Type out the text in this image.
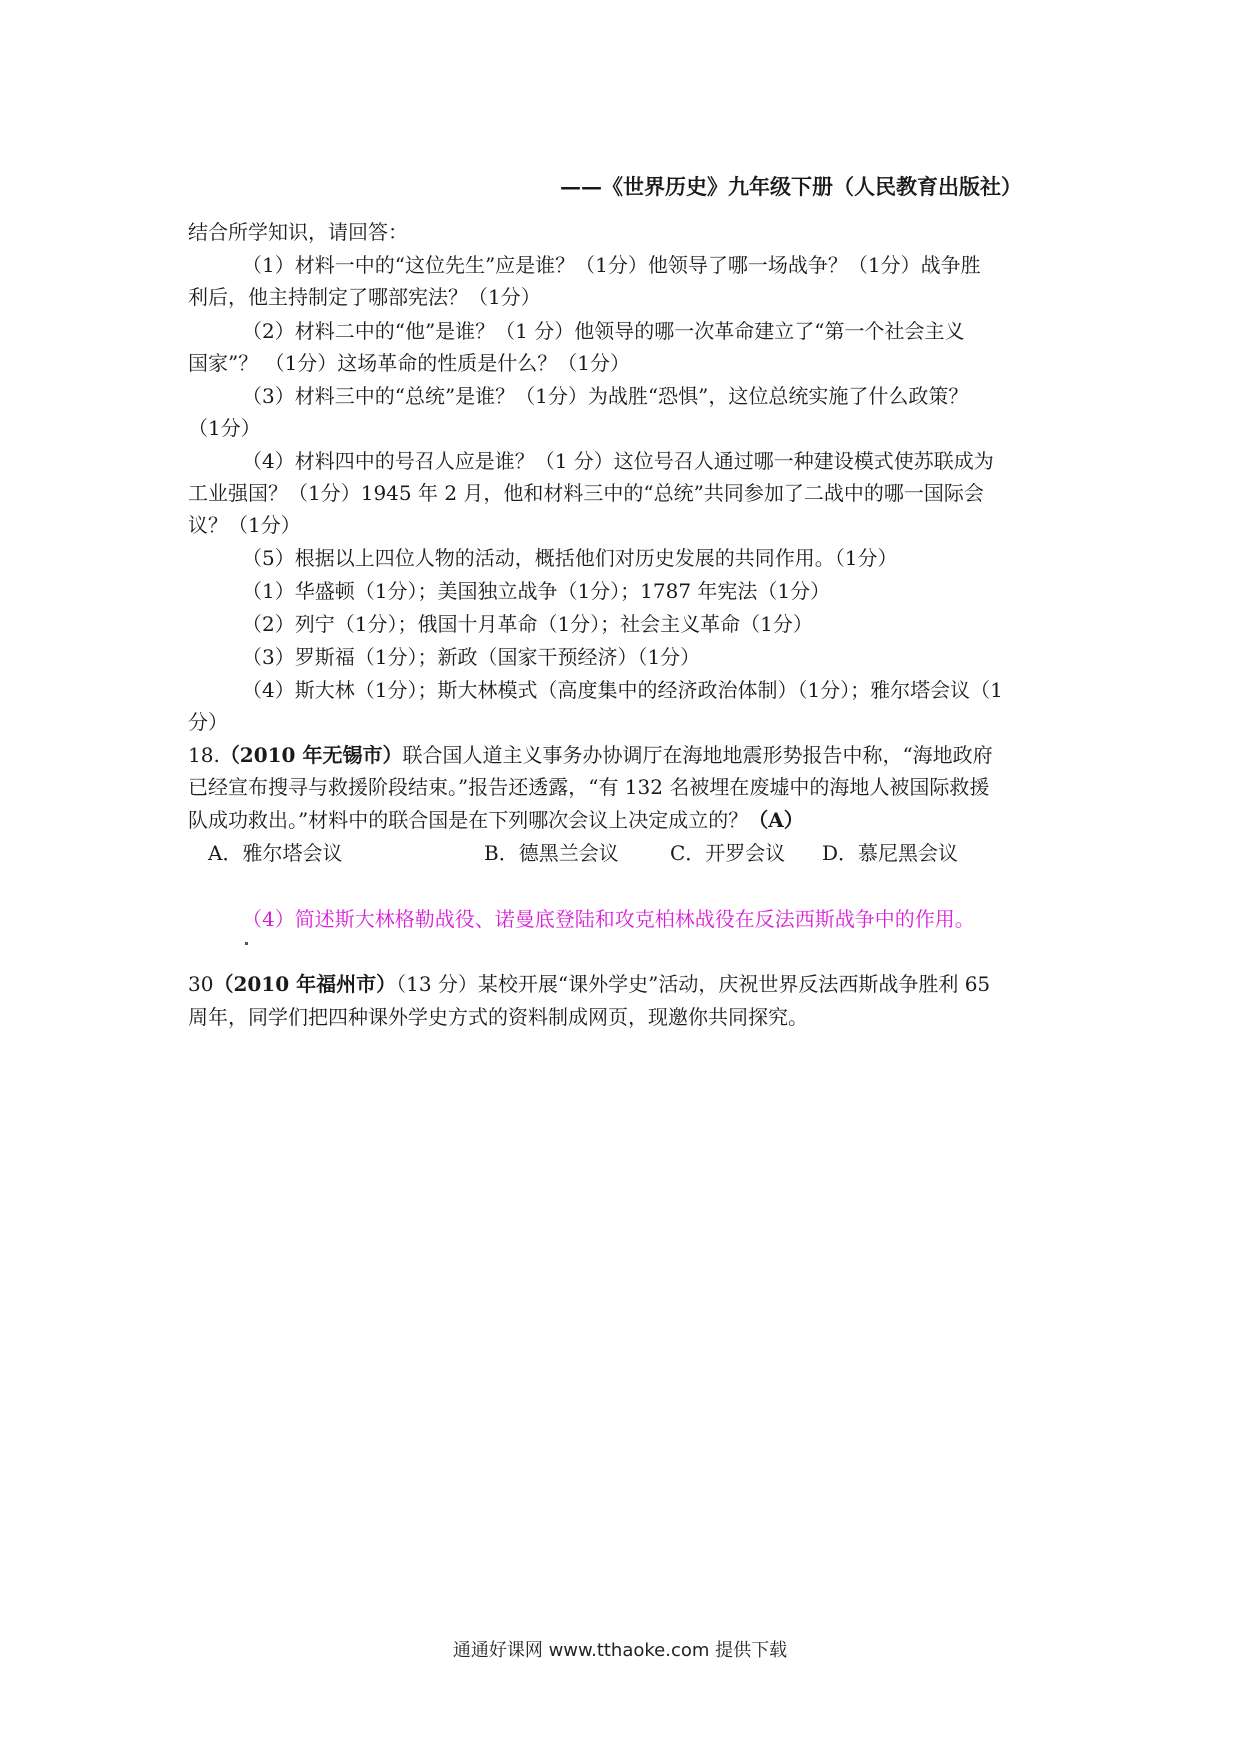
——《世界历史》九年级下册（人民教育出版社）
结合所学知识，请回答：
（1）材料一中的“这位先生”应是谁？（1分）他领导了哪一场战争？（1分）战争胜
利后，他主持制定了哪部宪法？（1分）
（2）材料二中的“他”是谁？（1 分）他领导的哪一次革命建立了“第一个社会主义
国家”？ （1分）这场革命的性质是什么？（1分）
（3）材料三中的“总统”是谁？（1分）为战胜“恐惧”，这位总统实施了什么政策？
（1分）
（4）材料四中的号召人应是谁？（1 分）这位号召人通过哪一种建设模式使苏联成为
工业强国？（1分）1945 年 2 月，他和材料三中的“总统”共同参加了二战中的哪一国际会
议？（1分）
（5）根据以上四位人物的活动，概括他们对历史发展的共同作用。（1分）
（1）华盛顿（1分）；美国独立战争（1分）；1787 年宪法（1分）
（2）列宁（1分）；俄国十月革命（1分）；社会主义革命（1分）
（3）罗斯福（1分）；新政（国家干预经济）（1分）
（4）斯大林（1分）；斯大林模式（高度集中的经济政治体制）（1分）；雅尔塔会议（1
分）
18.（2010 年无锡市）联合国人道主义事务办协调厅在海地地震形势报告中称，“海地政府
已经宣布搜寻与救援阶段结束。”报告还透露，“有 132 名被埋在废墟中的海地人被国际救援
队成功救出。”材料中的联合国是在下列哪次会议上决定成立的？（A）
A．雅尔塔会议	B．德黑兰会议	C．开罗会议 D．慕尼黑会议
（4）简述斯大林格勒战役、诺曼底登陆和攻克柏林战役在反法西斯战争中的作用。
30（2010 年福州市）（13 分）某校开展“课外学史”活动，庆祝世界反法西斯战争胜利 65
周年，同学们把四种课外学史方式的资料制成网页，现邀你共同探究。
通通好课网 www.tthaoke.com 提供下载
